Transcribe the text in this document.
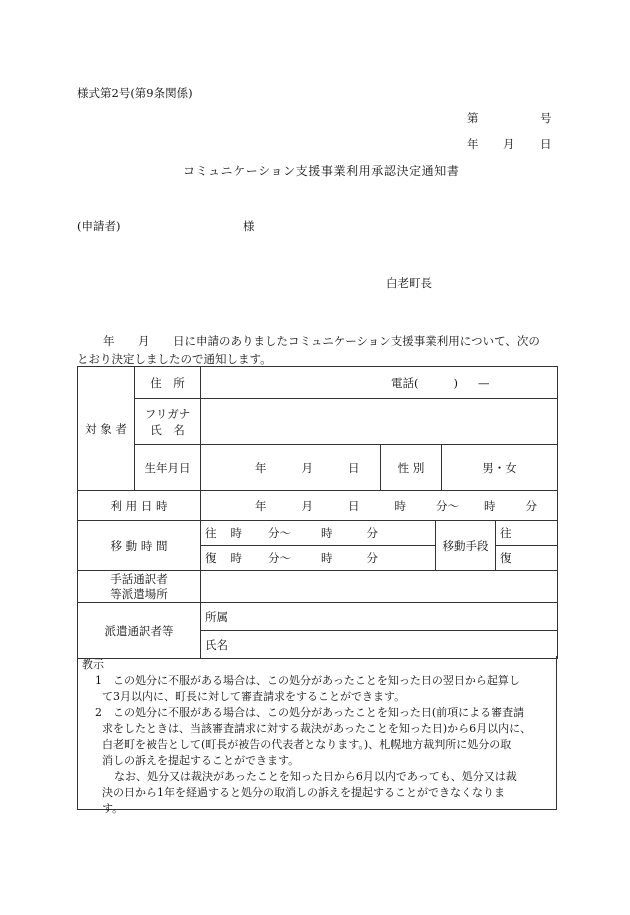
様式第2号(第9条関係)
第	号
年 月 日
コミュニケーション支援事業利用承認決定通知書
(申請者)	様
白老町長
年 月 日に申請のありましたコミュニケーション支援事業利用について、次の
とおり決定しましたので通知します。
対 象 者	住　所	電話( ) —					
	フリガナ
氏　名						
	生年月日	年 月 日	性 別		男・女		
利 用 日 時		年 月 日 時 分〜 時 分					
移 動 時 間		往 時 分〜 時 分		移動手段		往	
		復 時 分〜 時 分				復	
手話通訳者
等派遣場所							
派遣通訳者等		所属					
		氏名					
教示
1　この処分に不服がある場合は、この処分があったことを知った日の翌日から起算し
て3月以内に、町長に対して審査請求をすることができます。
2　この処分に不服がある場合は、この処分があったことを知った日(前項による審査請
求をしたときは、当該審査請求に対する裁決があったことを知った日)から6月以内に、
白老町を被告として(町長が被告の代表者となります。)、札幌地方裁判所に処分の取
消しの訴えを提起することができます。
なお、処分又は裁決があったことを知った日から6月以内であっても、処分又は裁
決の日から1年を経過すると処分の取消しの訴えを提起することができなくなりま
す。
